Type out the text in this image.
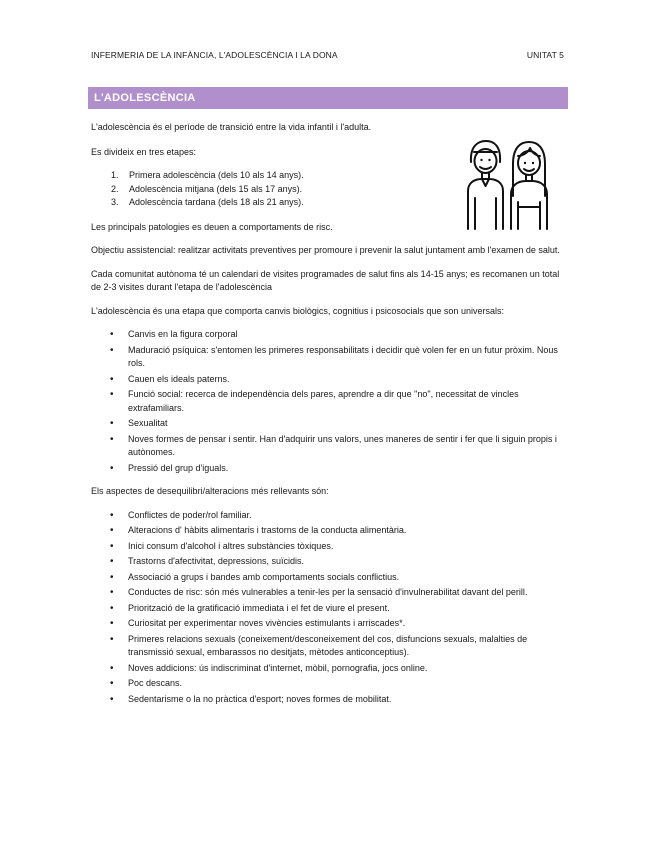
INFERMERIA DE LA INFÀNCIA, L'ADOLESCÈNCIA I LA DONA	UNITAT 5
L'ADOLESCÈNCIA

L'adolescència és el període de transició entre la vida infantil i l'adulta.

Es divideix en tres etapes:

1. Primera adolescència (dels 10 als 14 anys).
2. Adolescència mitjana (dels 15 als 17 anys).
3. Adolescència tardana (dels 18 als 21 anys).

Les principals patologies es deuen a comportaments de risc.

Objectiu assistencial: realitzar activitats preventives per promoure i prevenir la salut juntament amb l'examen de salut.

Cada comunitat autònoma té un calendari de visites programades de salut fins als 14-15 anys; es recomanen un total de 2-3 visites durant l'etapa de l'adolescència

L'adolescència és una etapa que comporta canvis biològics, cognitius i psicosocials que son universals:

• Canvis en la figura corporal
• Maduració psíquica: s'entomen les primeres responsabilitats i decidir què volen fer en un futur pròxim. Nous rols.
• Cauen els ideals paterns.
• Funció social: recerca de independència dels pares, aprendre a dir que "no", necessitat de vincles extrafamiliars.
• Sexualitat
• Noves formes de pensar i sentir. Han d'adquirir uns valors, unes maneres de sentir i fer que li siguin propis i autònomes.
• Pressió del grup d'iguals.

Els aspectes de desequilibri/alteracions més rellevants són:

• Conflictes de poder/rol familiar.
• Alteracions d' hàbits alimentaris i trastorns de la conducta alimentària.
• Inici consum d'alcohol i altres substàncies tòxiques.
• Trastorns d'afectivitat, depressions, suïcidis.
• Associació a grups i bandes amb comportaments socials conflictius.
• Conductes de risc: són més vulnerables a tenir-les per la sensació d'invulnerabilitat davant del perill.
• Priorització de la gratificació immediata i el fet de viure el present.
• Curiositat per experimentar noves vivències estimulants i arriscades*.
• Primeres relacions sexuals (coneixement/desconeixement del cos, disfuncions sexuals, malalties de transmissió sexual, embarassos no desitjats, mètodes anticonceptius).
• Noves addicions: ús indiscriminat d'internet, mòbil, pornografia, jocs online.
• Poc descans.
• Sedentarisme o la no pràctica d'esport; noves formes de mobilitat.
